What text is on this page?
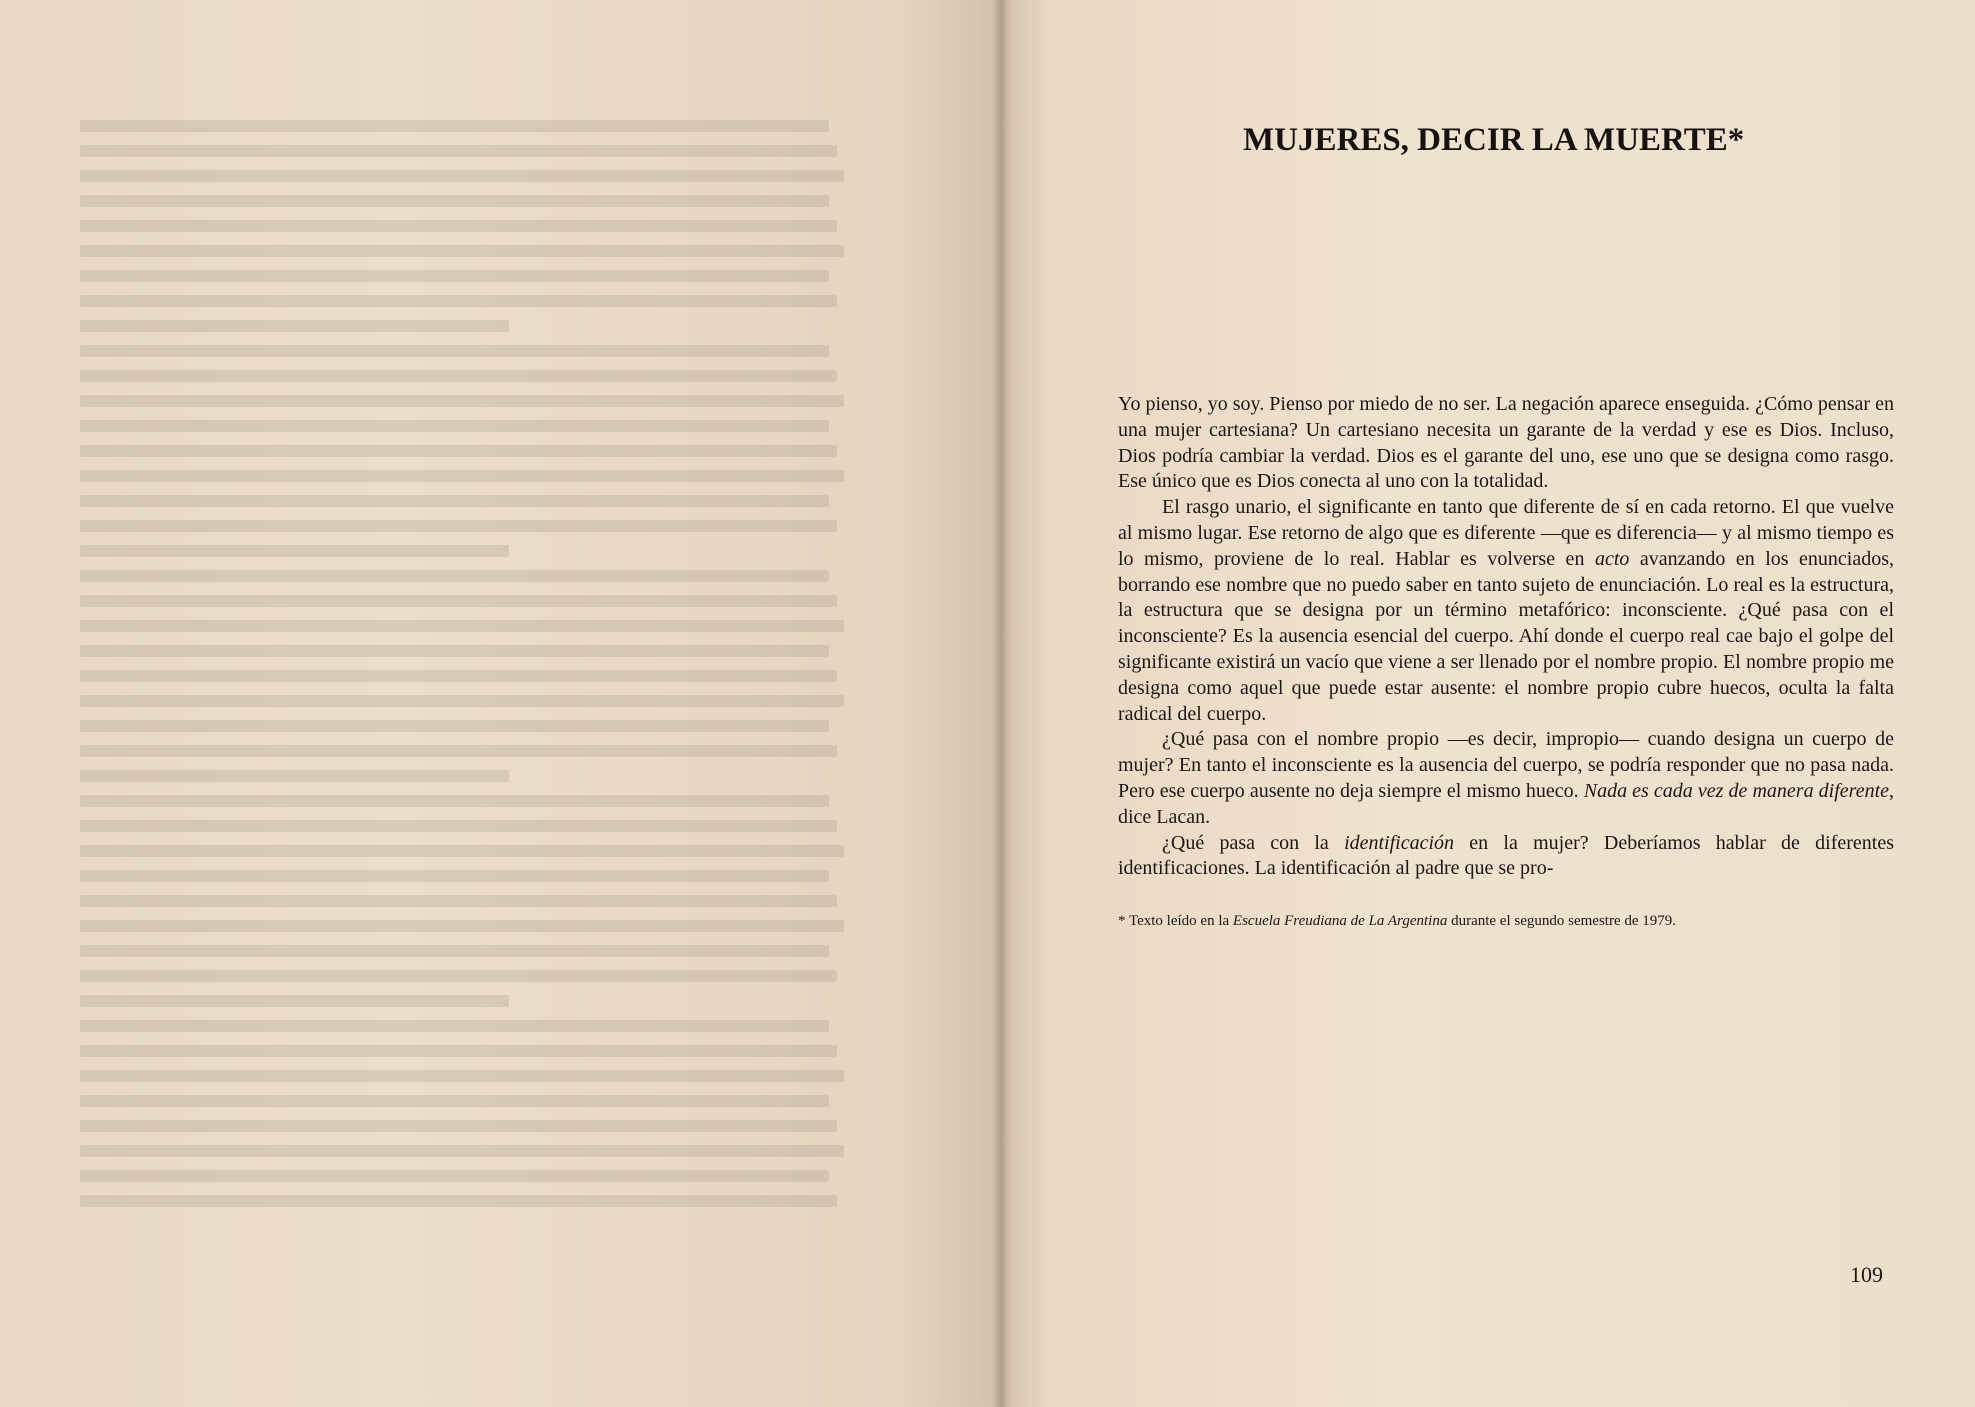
MUJERES, DECIR LA MUERTE*

Yo pienso, yo soy. Pienso por miedo de no ser. La negación aparece enseguida. ¿Cómo pensar en una mujer cartesiana? Un cartesiano necesita un garante de la verdad y ese es Dios. Incluso, Dios podría cambiar la verdad. Dios es el garante del uno, ese uno que se designa como rasgo. Ese único que es Dios conecta al uno con la totalidad.

El rasgo unario, el significante en tanto que diferente de sí en cada retorno. El que vuelve al mismo lugar. Ese retorno de algo que es diferente —que es diferencia— y al mismo tiempo es lo mismo, proviene de lo real. Hablar es volverse en acto avanzando en los enunciados, borrando ese nombre que no puedo saber en tanto sujeto de enunciación. Lo real es la estructura, la estructura que se designa por un término metafórico: inconsciente. ¿Qué pasa con el inconsciente? Es la ausencia esencial del cuerpo. Ahí donde el cuerpo real cae bajo el golpe del significante existirá un vacío que viene a ser llenado por el nombre propio. El nombre propio me designa como aquel que puede estar ausente: el nombre propio cubre huecos, oculta la falta radical del cuerpo.

¿Qué pasa con el nombre propio —es decir, impropio— cuando designa un cuerpo de mujer? En tanto el inconsciente es la ausencia del cuerpo, se podría responder que no pasa nada. Pero ese cuerpo ausente no deja siempre el mismo hueco. Nada es cada vez de manera diferente, dice Lacan.

¿Qué pasa con la identificación en la mujer? Deberíamos hablar de diferentes identificaciones. La identificación al padre que se pro-

* Texto leído en la Escuela Freudiana de La Argentina durante el segundo semestre de 1979.
109
